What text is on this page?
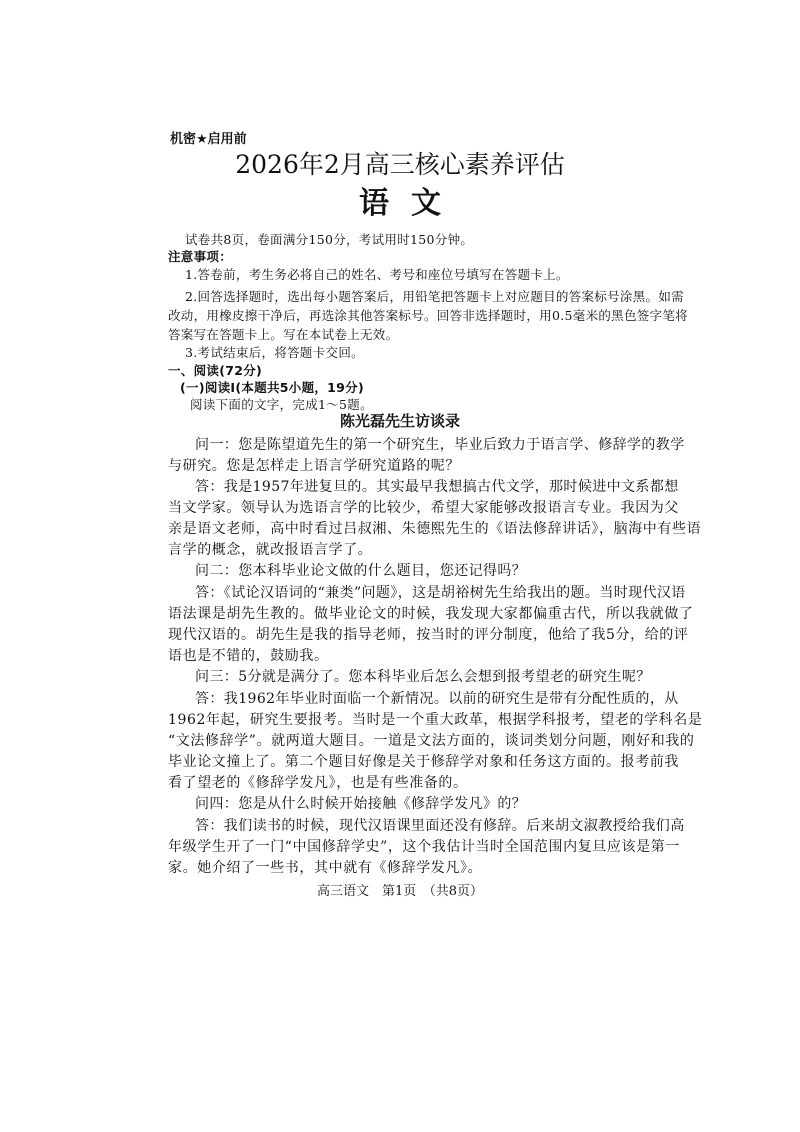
机密★启用前
2026年2月高三核心素养评估
语文
试卷共8页，卷面满分150分，考试用时150分钟。
注意事项：
1.答卷前，考生务必将自己的姓名、考号和座位号填写在答题卡上。
2.回答选择题时，选出每小题答案后，用铅笔把答题卡上对应题目的答案标号涂黑。如需
改动，用橡皮擦干净后，再选涂其他答案标号。回答非选择题时，用0.5毫米的黑色签字笔将
答案写在答题卡上。写在本试卷上无效。
3.考试结束后，将答题卡交回。
一、阅读(72分)
(一)阅读Ⅰ(本题共5小题，19分)
阅读下面的文字，完成1～5题。
陈光磊先生访谈录
问一：您是陈望道先生的第一个研究生，毕业后致力于语言学、修辞学的教学
与研究。您是怎样走上语言学研究道路的呢？
答：我是1957年进复旦的。其实最早我想搞古代文学，那时候进中文系都想
当文学家。领导认为选语言学的比较少，希望大家能够改报语言专业。我因为父
亲是语文老师，高中时看过吕叔湘、朱德熙先生的《语法修辞讲话》，脑海中有些语
言学的概念，就改报语言学了。
问二：您本科毕业论文做的什么题目，您还记得吗？
答：《试论汉语词的“兼类”问题》，这是胡裕树先生给我出的题。当时现代汉语
语法课是胡先生教的。做毕业论文的时候，我发现大家都偏重古代，所以我就做了
现代汉语的。胡先生是我的指导老师，按当时的评分制度，他给了我5分，给的评
语也是不错的，鼓励我。
问三：5分就是满分了。您本科毕业后怎么会想到报考望老的研究生呢？
答：我1962年毕业时面临一个新情况。以前的研究生是带有分配性质的，从
1962年起，研究生要报考。当时是一个重大政革，根据学科报考，望老的学科名是
“文法修辞学”。就两道大题目。一道是文法方面的，谈词类划分问题，刚好和我的
毕业论文撞上了。第二个题目好像是关于修辞学对象和任务这方面的。报考前我
看了望老的《修辞学发凡》，也是有些准备的。
问四：您是从什么时候开始接触《修辞学发凡》的？
答：我们读书的时候，现代汉语课里面还没有修辞。后来胡文淑教授给我们高
年级学生开了一门“中国修辞学史”，这个我估计当时全国范围内复旦应该是第一
家。她介绍了一些书，其中就有《修辞学发凡》。
高三语文　第1页　（共8页）
